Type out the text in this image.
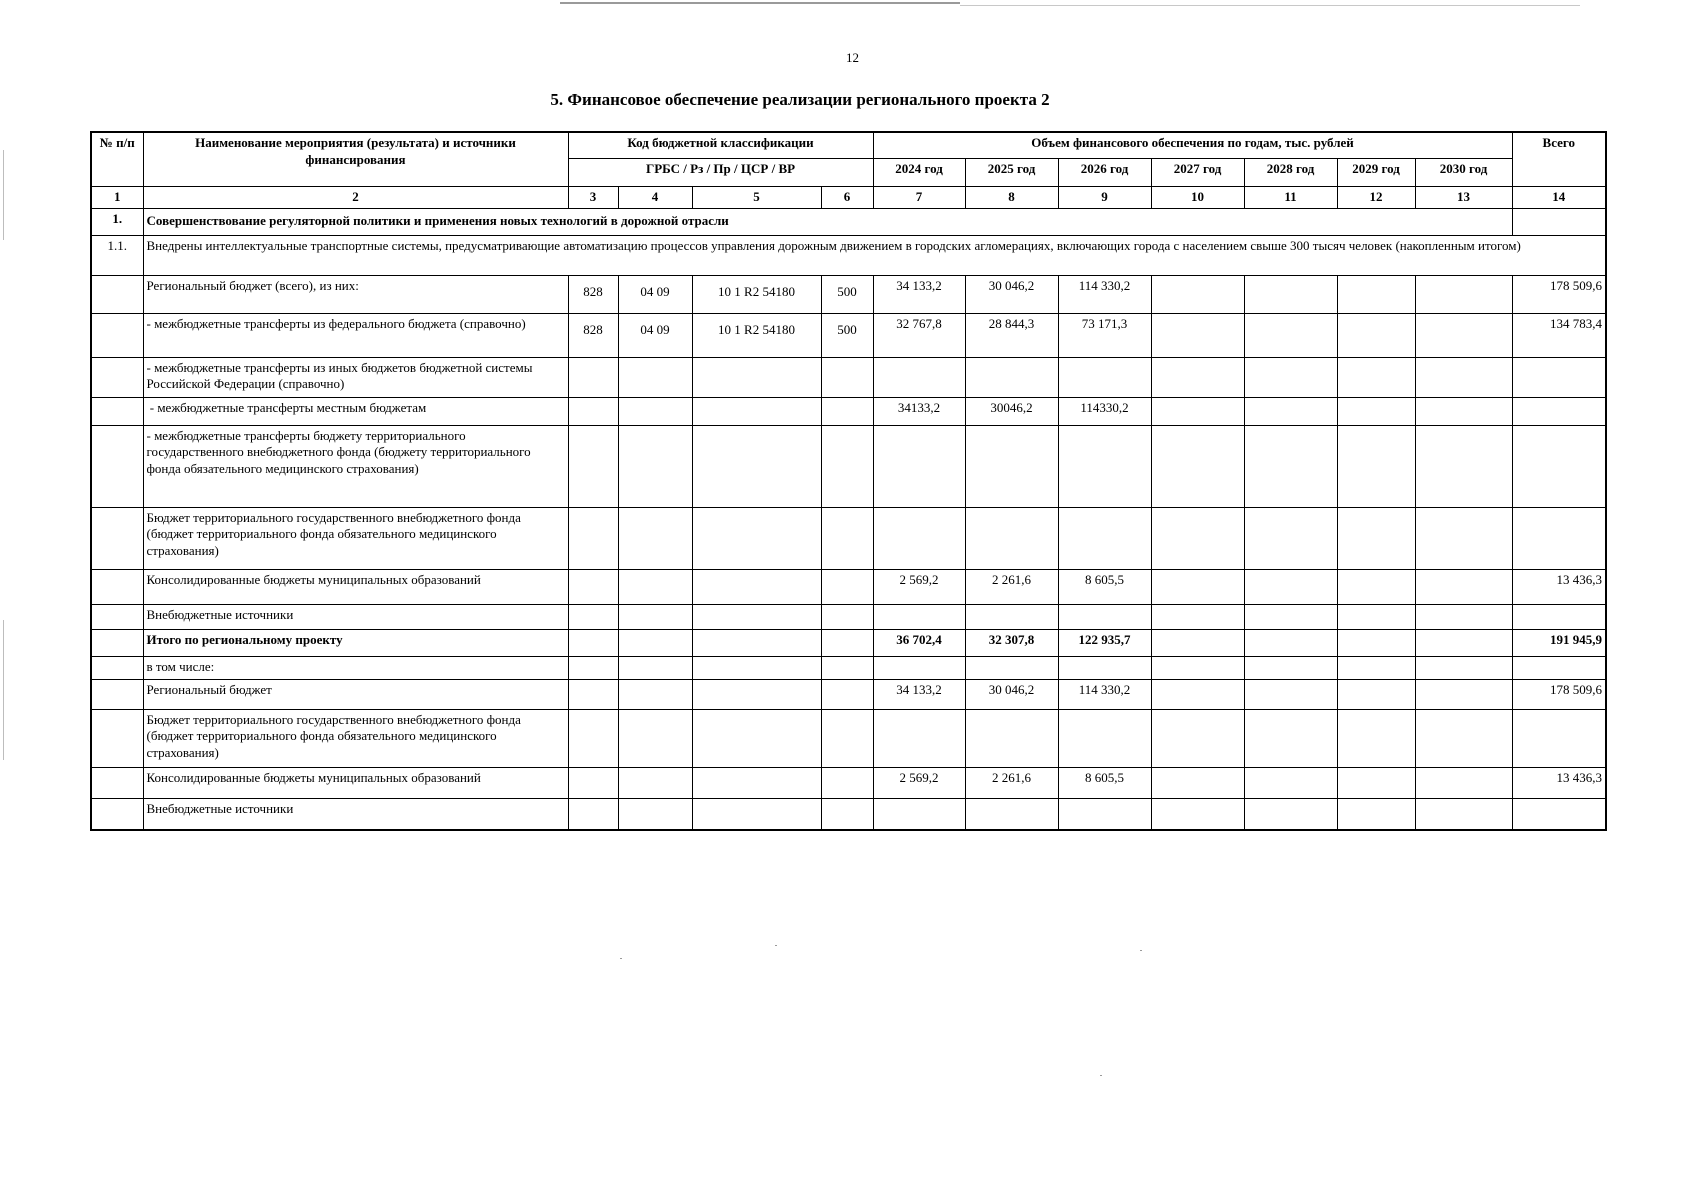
12
5. Финансовое обеспечение реализации регионального проекта 2
№ п/п	Наименование мероприятия (результата) и источники финансирования	Код бюджетной классификации				Объем финансового обеспечения по годам, тыс. рублей							Всего
		ГРБС / Рз / Пр / ЦСР / ВР				2024 год	2025 год	2026 год	2027 год	2028 год	2029 год	2030 год	
1	2	3	4	5	6	7	8	9	10	11	12	13	14
1.	Совершенствование регуляторной политики и применения новых технологий в дорожной отрасли												
1.1.	Внедрены интеллектуальные транспортные системы, предусматривающие автоматизацию процессов управления дорожным движением в городских агломерациях, включающих города с населением свыше 300 тысяч человек (накопленным итогом)												
	Региональный бюджет (всего), из них:	828	04 09	10 1 R2 54180	500	34 133,2	30 046,2	114 330,2					178 509,6
	- межбюджетные трансферты из федерального бюджета (справочно)	828	04 09	10 1 R2 54180	500	32 767,8	28 844,3	73 171,3					134 783,4
	- межбюджетные трансферты из иных бюджетов бюджетной системы Российской Федерации (справочно)												
	- межбюджетные трансферты местным бюджетам					34133,2	30046,2	114330,2					
	- межбюджетные трансферты бюджету территориального государственного внебюджетного фонда (бюджету территориального фонда обязательного медицинского страхования)												
	Бюджет территориального государственного внебюджетного фонда (бюджет территориального фонда обязательного медицинского страхования)												
	Консолидированные бюджеты муниципальных образований					2 569,2	2 261,6	8 605,5					13 436,3
	Внебюджетные источники												
	Итого по региональному проекту					36 702,4	32 307,8	122 935,7					191 945,9
	в том числе:												
	Региональный бюджет					34 133,2	30 046,2	114 330,2					178 509,6
	Бюджет территориального государственного внебюджетного фонда (бюджет территориального фонда обязательного медицинского страхования)												
	Консолидированные бюджеты муниципальных образований					2 569,2	2 261,6	8 605,5					13 436,3
	Внебюджетные источники												
